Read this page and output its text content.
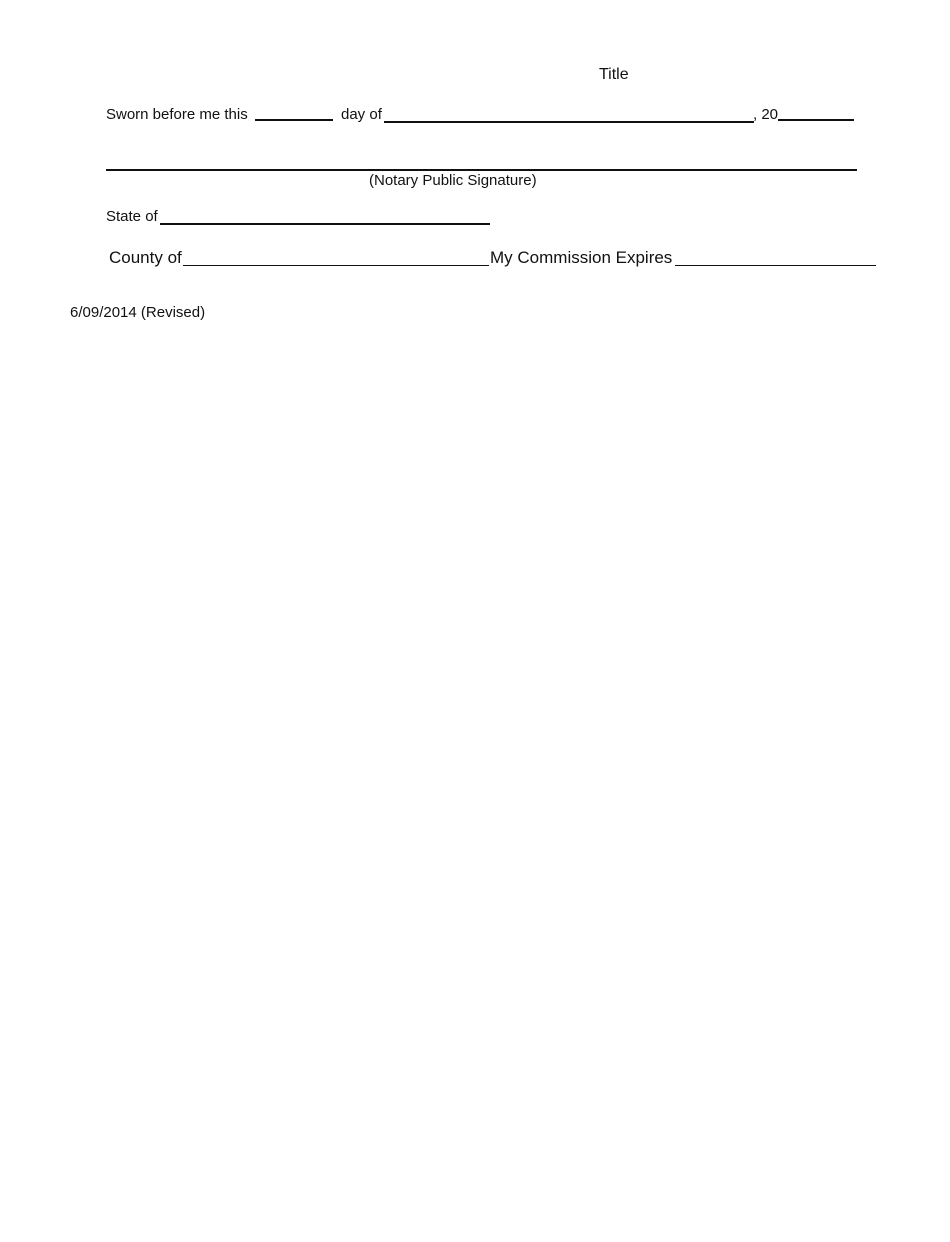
Title
Sworn before me this	day of	, 20
(Notary Public Signature)
State of
County of	My Commission Expires
6/09/2014 (Revised)
